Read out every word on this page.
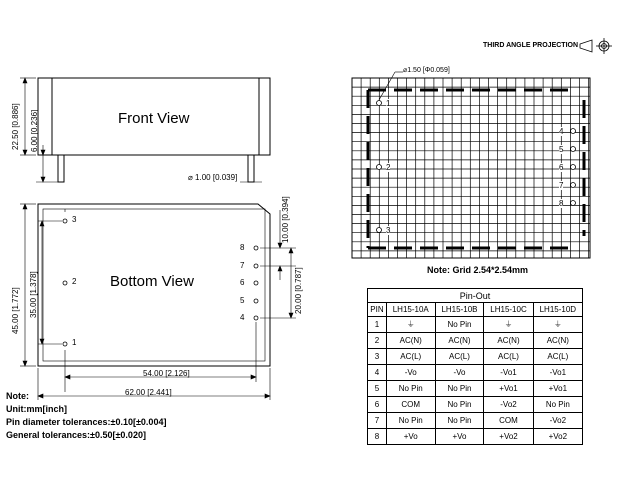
THIRD ANGLE PROJECTION
Front View
22.50 [0.886] 6.00 [0.236]
⌀ 1.00 [0.039]
Bottom View
45.00 [1.772] 35.00 [1.378]
54.00 [2.126]
62.00 [2.441]
10.00 [0.394]
20.00 [0.787]
3
2
1
8
7
6
5
4
⌀1.50 [Φ0.059]
1
2
3
4
5
6
7
8
Note: Grid 2.54*2.54mm
Pin-Out				
PIN	LH15-10A	LH15-10B	LH15-10C	LH15-10D
1	⏚	No Pin	⏚	⏚
2	AC(N)	AC(N)	AC(N)	AC(N)
3	AC(L)	AC(L)	AC(L)	AC(L)
4	-Vo	-Vo	-Vo1	-Vo1
5	No Pin	No Pin	+Vo1	+Vo1
6	COM	No Pin	-Vo2	No Pin
7	No Pin	No Pin	COM	-Vo2
8	+Vo	+Vo	+Vo2	+Vo2
Note:
Unit:mm[inch]
Pin diameter tolerances:±0.10[±0.004]
General tolerances:±0.50[±0.020]
